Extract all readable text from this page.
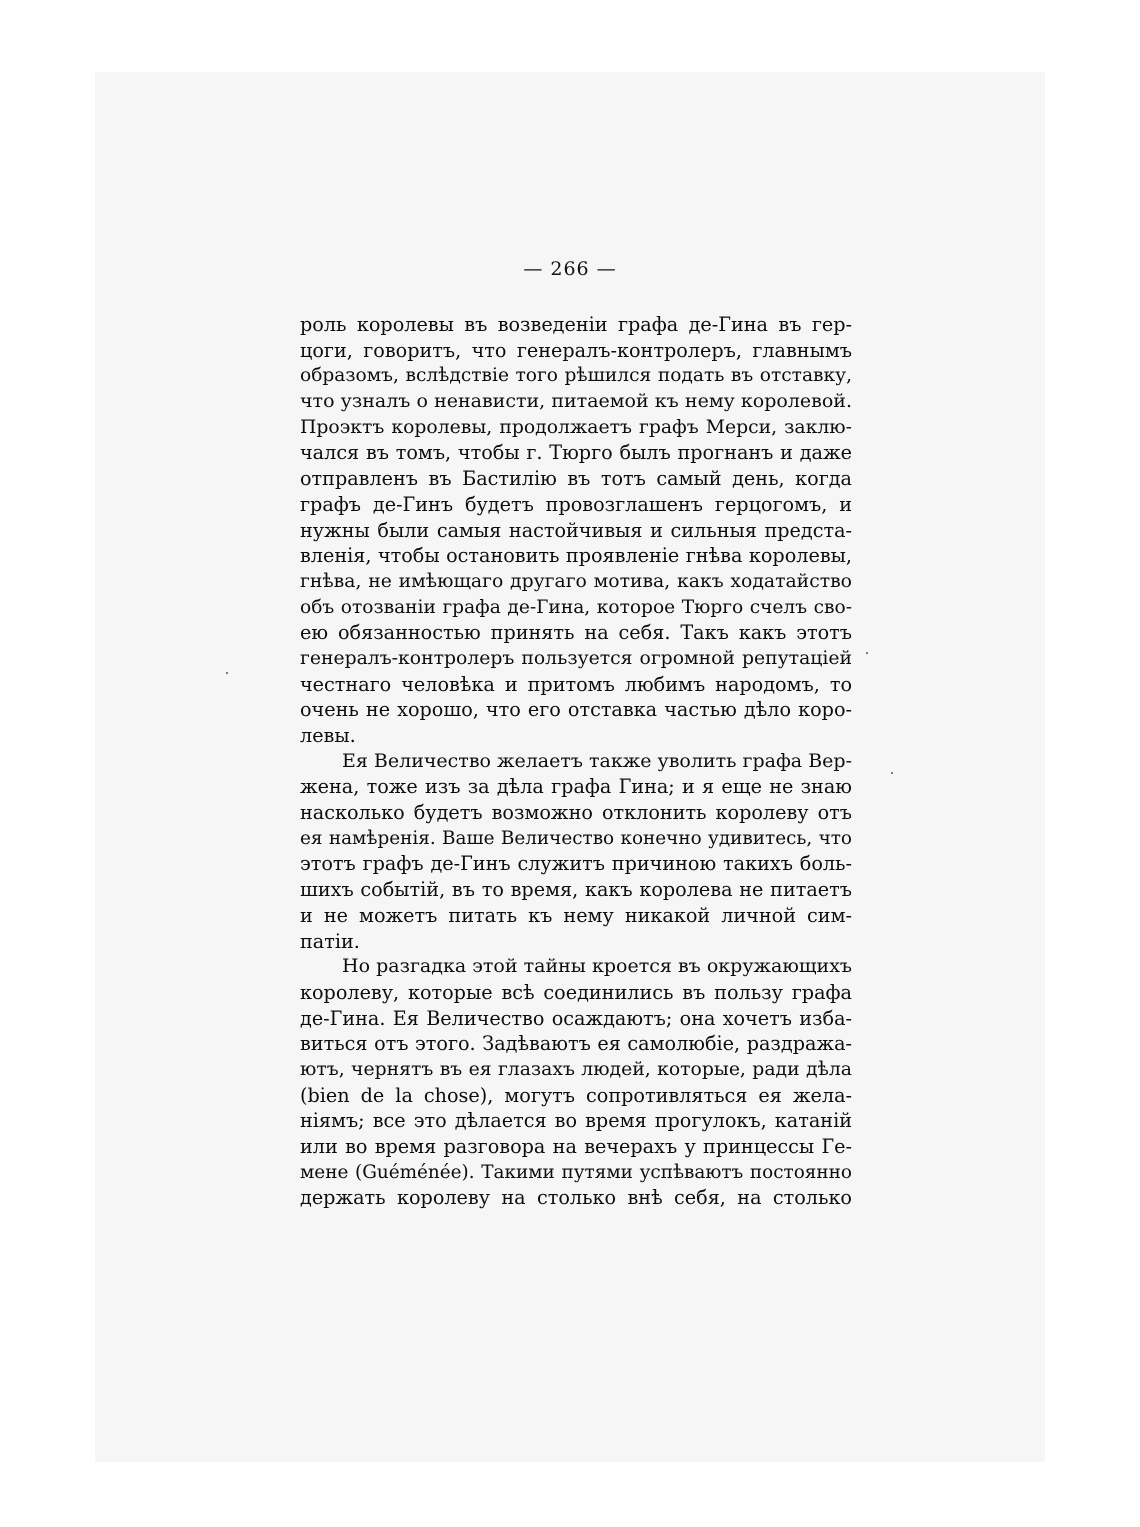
— 266 —
роль королевы въ возведенiи графа де-Гина въ гер-
цоги, говоритъ, что генералъ-контролеръ, главнымъ
образомъ, вслѣдствіе того рѣшился подать въ отставку,
что узналъ о ненависти, питаемой къ нему королевой.
Проэктъ королевы, продолжаетъ графъ Мерси, заклю-
чался въ томъ, чтобы г. Тюрго былъ прогнанъ и даже
отправленъ въ Бастилію въ тотъ самый день, когда
графъ де-Гинъ будетъ провозглашенъ герцогомъ, и
нужны были самыя настойчивыя и сильныя предста-
вленія, чтобы остановить проявленіе гнѣва королевы,
гнѣва, не имѣющаго другаго мотива, какъ ходатайство
объ отозваніи графа де-Гина, которое Тюрго счелъ сво-
ею обязанностью принять на себя. Такъ какъ этотъ
генералъ-контролеръ пользуется огромной репутаціей
честнаго человѣка и притомъ любимъ народомъ, то
очень не хорошо, что его отставка частью дѣло коро-
левы.
Ея Величество желаетъ также уволить графа Вер-
жена, тоже изъ за дѣла графа Гина; и я еще не знаю
насколько будетъ возможно отклонить королеву отъ
ея намѣренія. Ваше Величество конечно удивитесь, что
этотъ графъ де-Гинъ служитъ причиною такихъ боль-
шихъ событій, въ то время, какъ королева не питаетъ
и не можетъ питать къ нему никакой личной сим-
патіи.
Но разгадка этой тайны кроется въ окружающихъ
королеву, которые всѣ соединились въ пользу графа
де-Гина. Ея Величество осаждаютъ; она хочетъ изба-
виться отъ этого. Задѣваютъ ея самолюбіе, раздража-
ютъ, чернятъ въ ея глазахъ людей, которые, ради дѣла
(bien de la chose), могутъ сопротивляться ея жела-
ніямъ; все это дѣлается во время прогулокъ, катаній
или во время разговора на вечерахъ у принцессы Ге-
мене (Guéménée). Такими путями успѣваютъ постоянно
держать королеву на столько внѣ себя, на столько
